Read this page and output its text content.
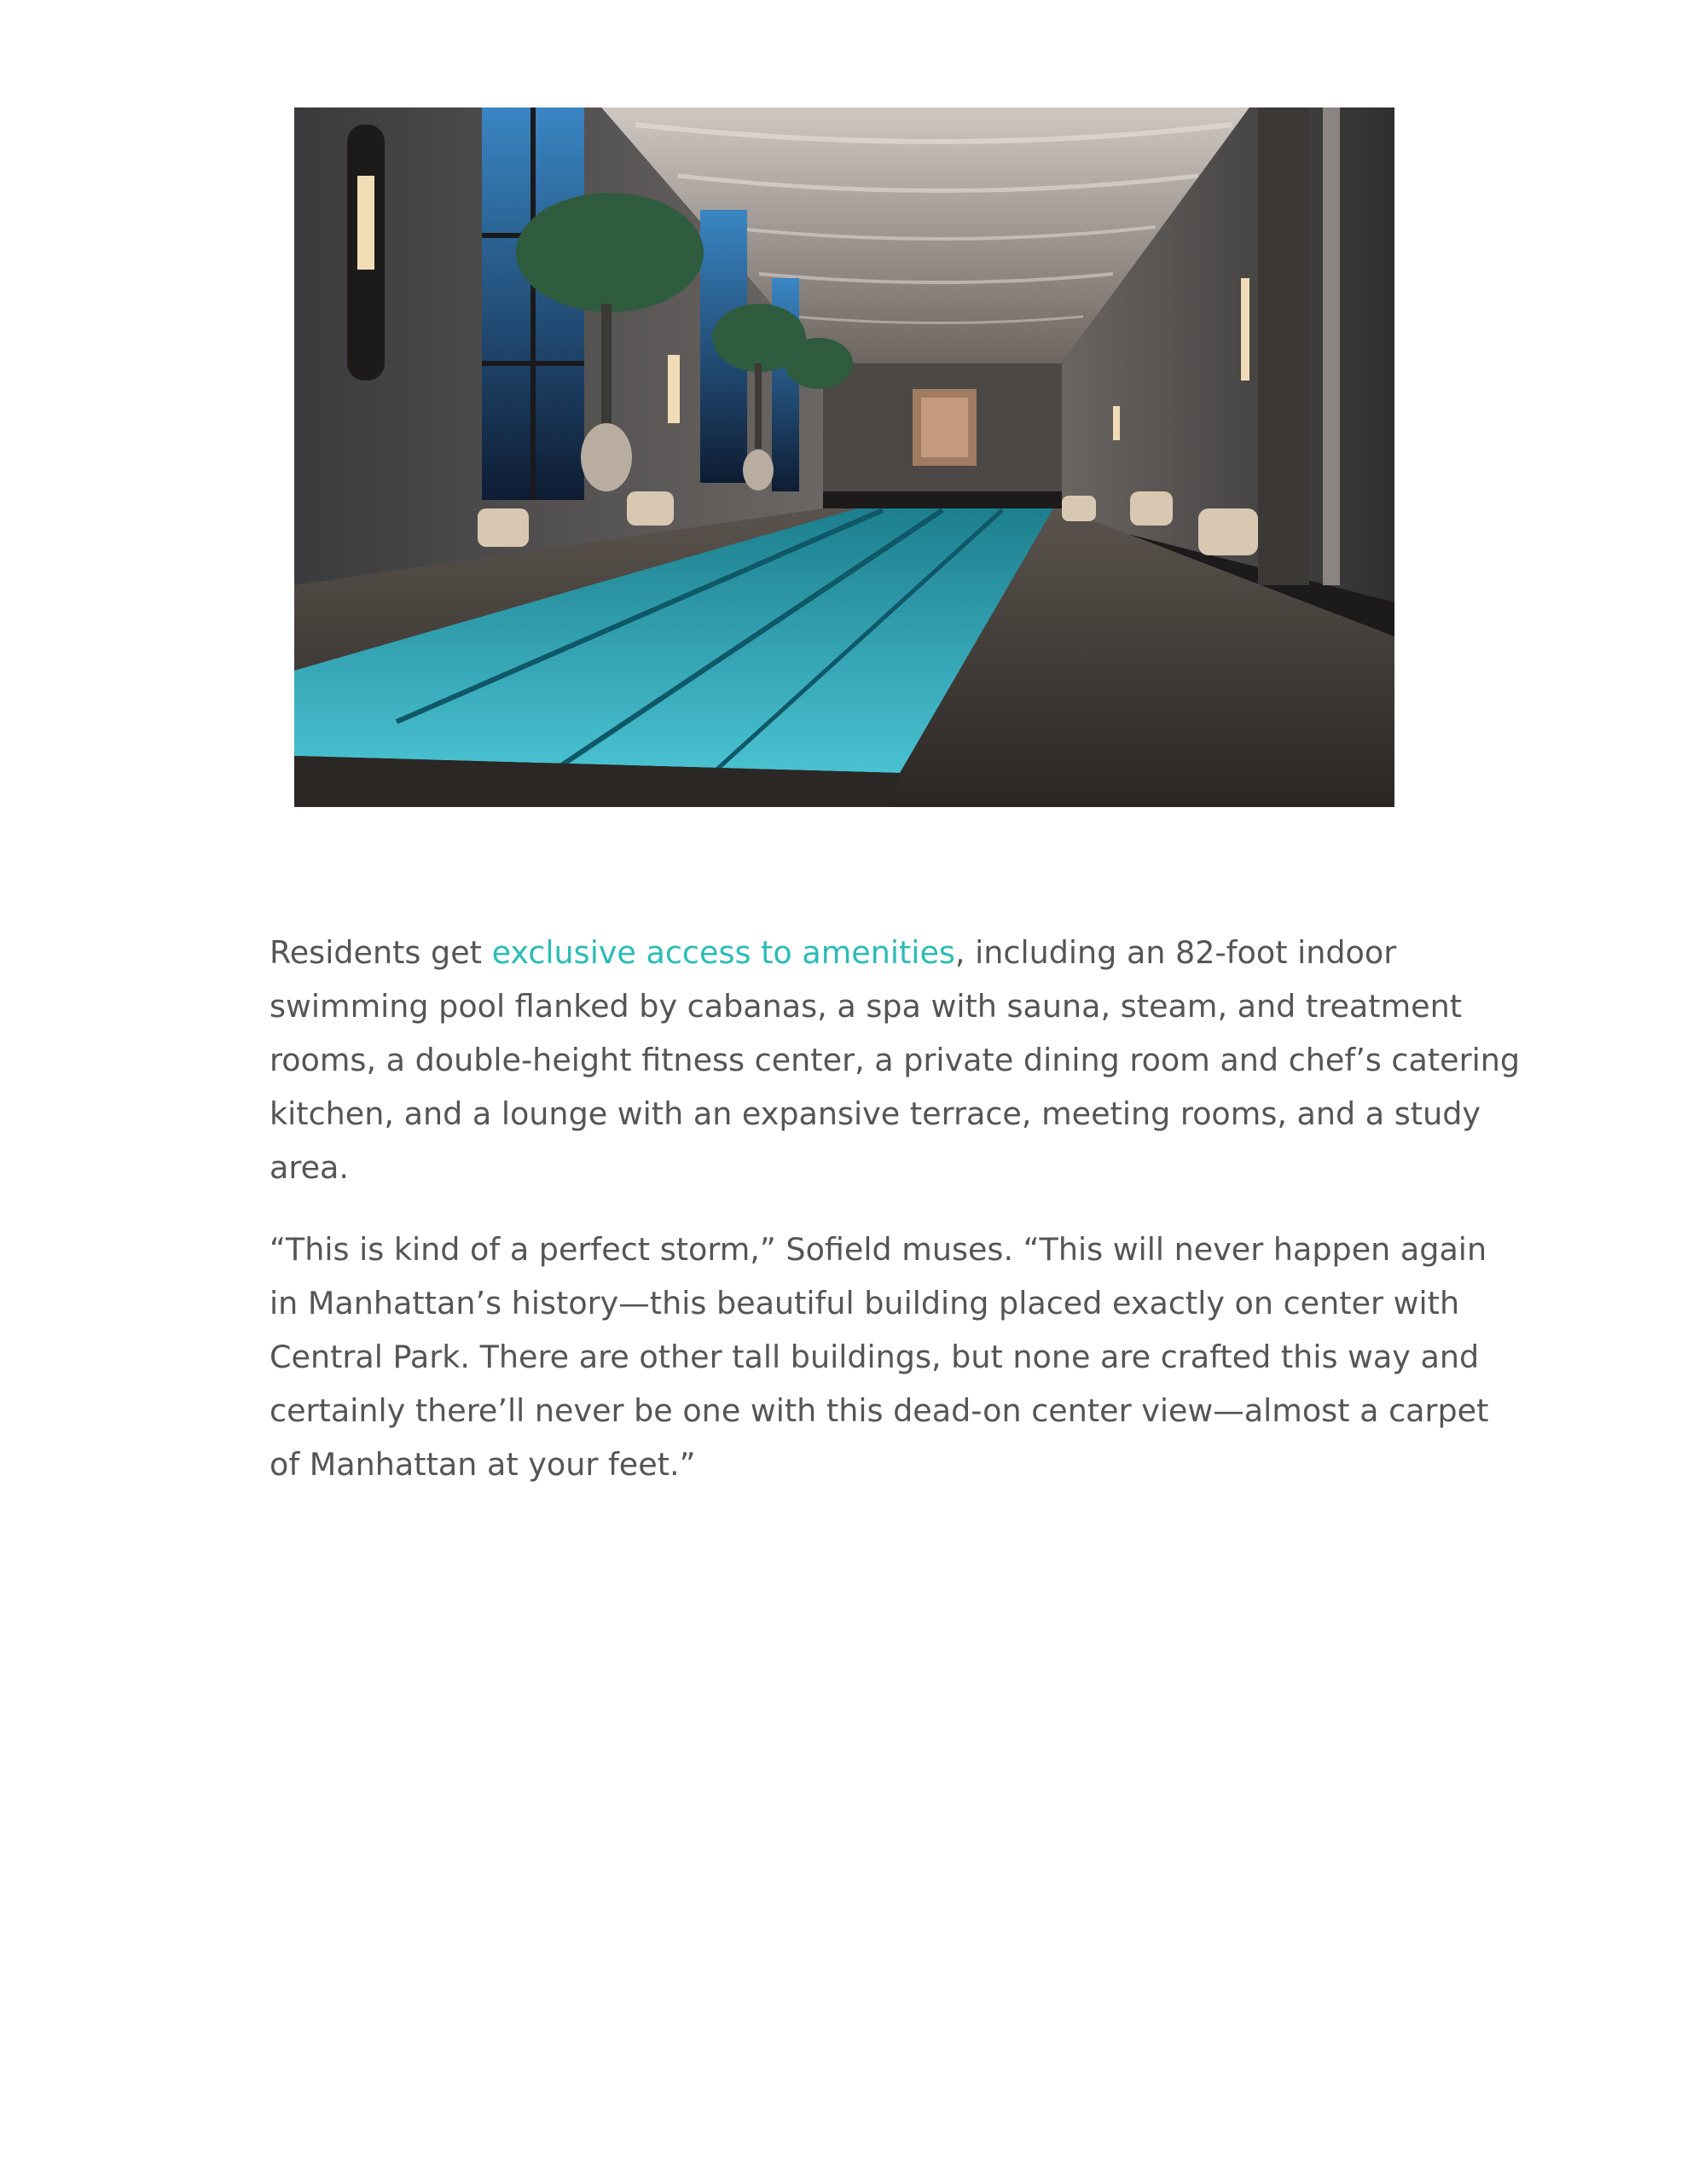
Residents get exclusive access to amenities, including an 82-foot indoor swimming pool flanked by cabanas, a spa with sauna, steam, and treatment rooms, a double-height fitness center, a private dining room and chef’s catering kitchen, and a lounge with an expansive terrace, meeting rooms, and a study area.

“This is kind of a perfect storm,” Sofield muses. “This will never happen again in Manhattan’s history—this beautiful building placed exactly on center with Central Park. There are other tall buildings, but none are crafted this way and certainly there’ll never be one with this dead-on center view—almost a carpet of Manhattan at your feet.”
